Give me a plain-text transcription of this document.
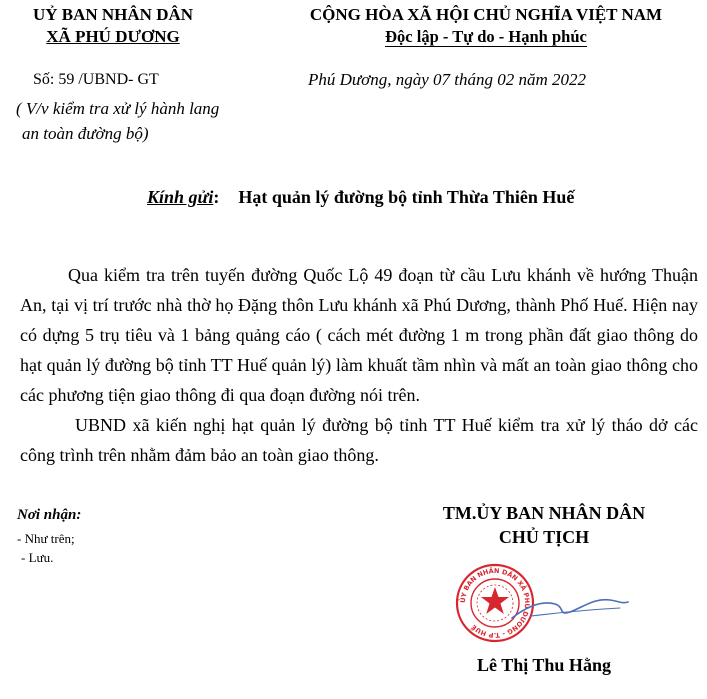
UỶ BAN NHÂN DÂN
XÃ PHÚ DƯƠNG
CỘNG HÒA XÃ HỘI CHỦ NGHĨA VIỆT NAM
Độc lập - Tự do - Hạnh phúc
Số: 59 /UBND- GT
( V/v kiểm tra xử lý hành lang
an toàn đường bộ)
Phú Dương, ngày 07 tháng 02 năm 2022
Kính gửi: Hạt quản lý đường bộ tỉnh Thừa Thiên Huế

Qua kiểm tra trên tuyến đường Quốc Lộ 49 đoạn từ cầu Lưu khánh về hướng Thuận An, tại vị trí trước nhà thờ họ Đặng thôn Lưu khánh xã Phú Dương, thành Phố Huế. Hiện nay có dựng 5 trụ tiêu và 1 bảng quảng cáo ( cách mét đường 1 m trong phần đất giao thông do hạt quản lý đường bộ tỉnh TT Huế quản lý) làm khuất tầm nhìn và mất an toàn giao thông cho các phương tiện giao thông đi qua đoạn đường nói trên.

UBND xã kiến nghị hạt quản lý đường bộ tỉnh TT Huế kiểm tra xử lý tháo dở các công trình trên nhằm đảm bảo an toàn giao thông.

Nơi nhận:
- Như trên;
- Lưu.
TM.ỦY BAN NHÂN DÂN
CHỦ TỊCH
ỦY BAN NHÂN DÂN XÃ PHÚ DƯƠNG - T.P HUẾ
Lê Thị Thu Hằng
